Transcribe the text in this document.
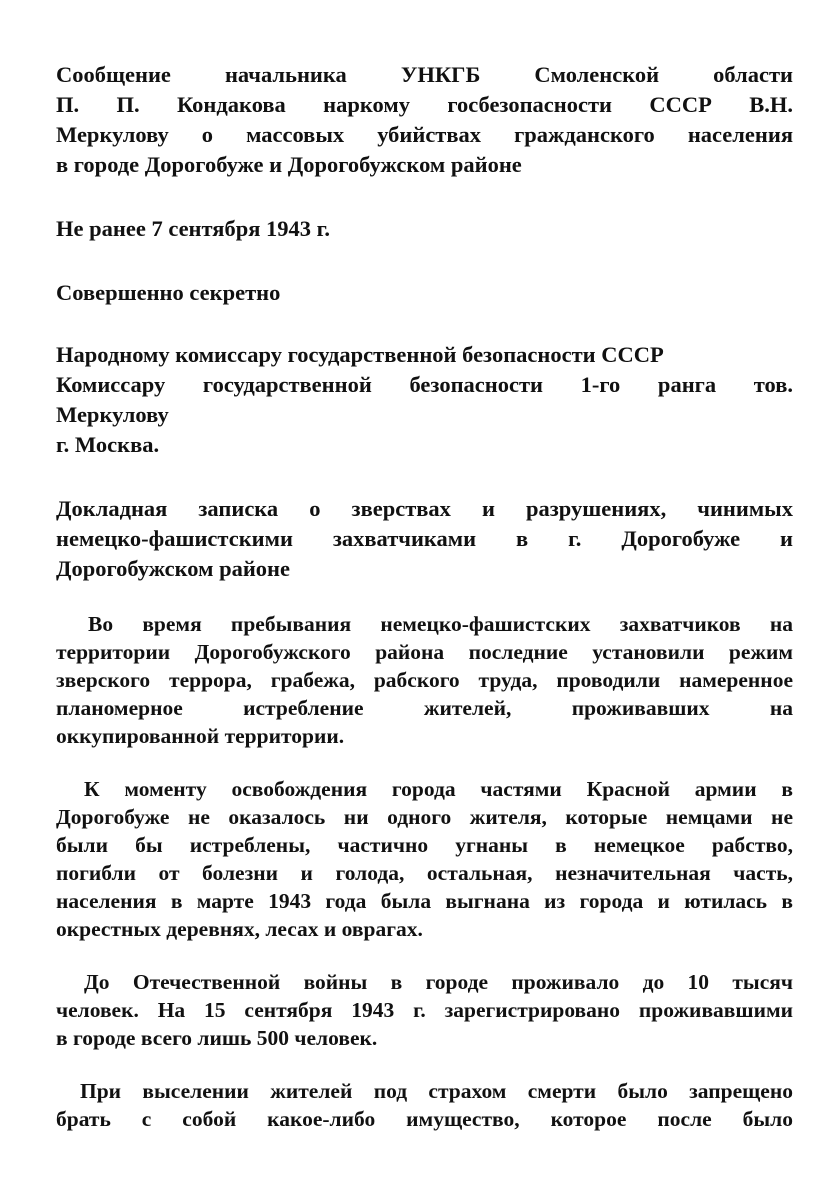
Сообщение начальника УНКГБ Смоленской области
П. П. Кондакова наркому госбезопасности СССР В.Н.
Меркулову о массовых убийствах гражданского населения
в городе Дорогобуже и Дорогобужском районе
Не ранее 7 сентября 1943 г.
Совершенно секретно
Народному комиссару государственной безопасности СССР
Комиссару государственной безопасности 1-го ранга тов.
Меркулову
г. Москва.
Докладная записка о зверствах и разрушениях, чинимых
немецко-фашистскими захватчиками в г. Дорогобуже и
Дорогобужском районе
Во время пребывания немецко-фашистских захватчиков на
территории Дорогобужского района последние установили режим
зверского террора, грабежа, рабского труда, проводили намеренное
планомерное истребление жителей, проживавших на
оккупированной территории.
К моменту освобождения города частями Красной армии в
Дорогобуже не оказалось ни одного жителя, которые немцами не
были бы истреблены, частично угнаны в немецкое рабство,
погибли от болезни и голода, остальная, незначительная часть,
населения в марте 1943 года была выгнана из города и ютилась в
окрестных деревнях, лесах и оврагах.
До Отечественной войны в городе проживало до 10 тысяч
человек. На 15 сентября 1943 г. зарегистрировано проживавшими
в городе всего лишь 500 человек.
При выселении жителей под страхом смерти было запрещено
брать с собой какое-либо имущество, которое после было
